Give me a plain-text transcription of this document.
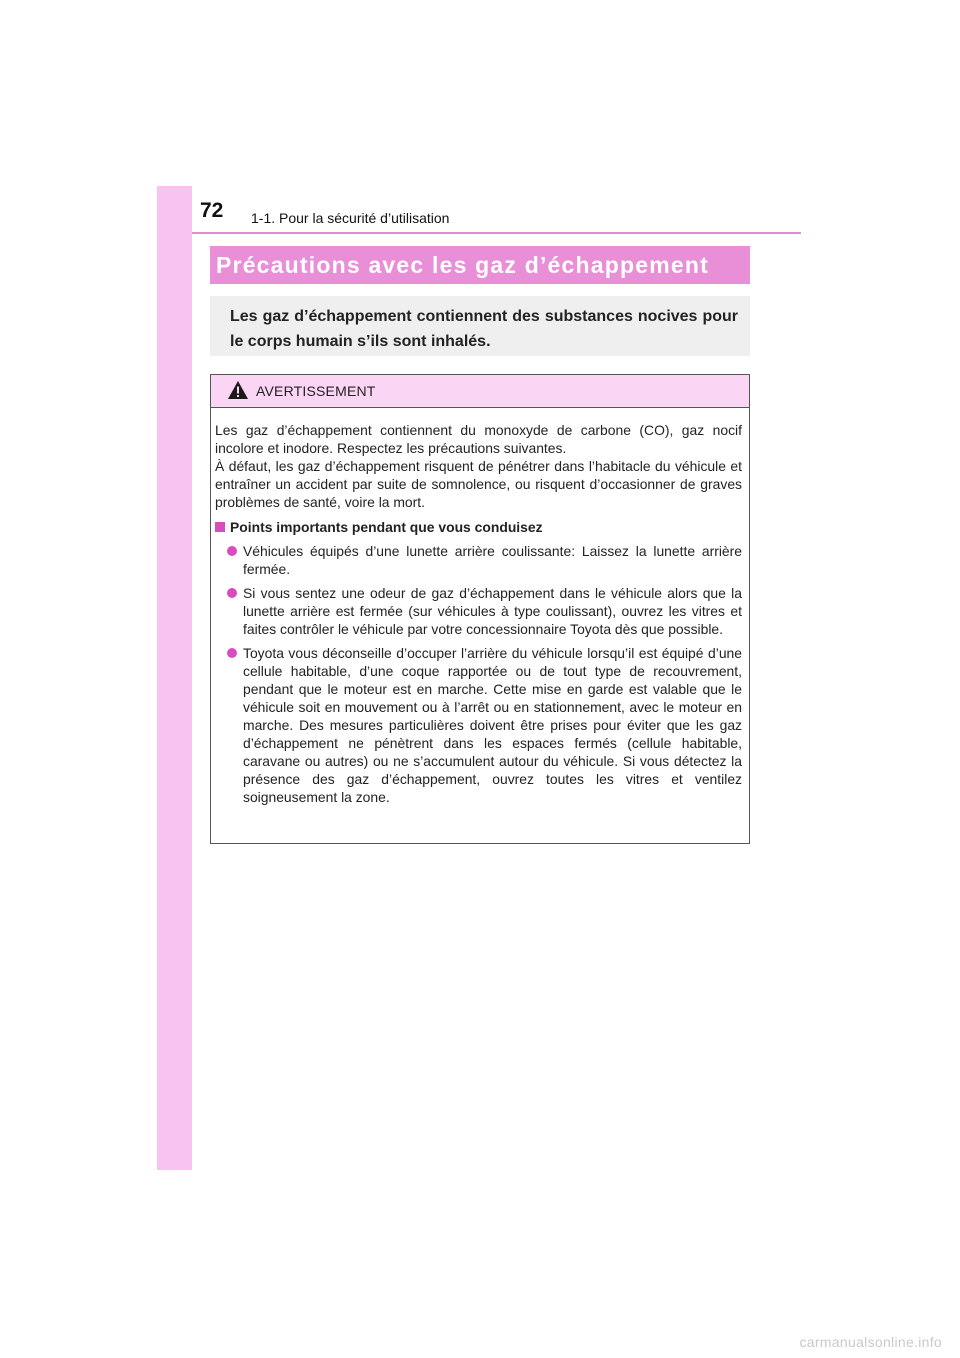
72 1-1. Pour la sécurité d’utilisation
Précautions avec les gaz d’échappement
Les gaz d’échappement contiennent des substances nocives pour le corps humain s’ils sont inhalés.
AVERTISSEMENT

Les gaz d’échappement contiennent du monoxyde de carbone (CO), gaz nocif incolore et inodore. Respectez les précautions suivantes.

À défaut, les gaz d’échappement risquent de pénétrer dans l’habitacle du véhicule et entraîner un accident par suite de somnolence, ou risquent d’occasionner de graves problèmes de santé, voire la mort.

Points importants pendant que vous conduisez
Véhicules équipés d’une lunette arrière coulissante: Laissez la lunette arrière fermée.
Si vous sentez une odeur de gaz d’échappement dans le véhicule alors que la lunette arrière est fermée (sur véhicules à type coulissant), ouvrez les vitres et faites contrôler le véhicule par votre concessionnaire Toyota dès que possible.
Toyota vous déconseille d’occuper l’arrière du véhicule lorsqu’il est équipé d’une cellule habitable, d’une coque rapportée ou de tout type de recouvrement, pendant que le moteur est en marche. Cette mise en garde est valable que le véhicule soit en mouvement ou à l’arrêt ou en stationnement, avec le moteur en marche. Des mesures particulières doivent être prises pour éviter que les gaz d’échappement ne pénètrent dans les espaces fermés (cellule habitable, caravane ou autres) ou ne s’accumulent autour du véhicule. Si vous détectez la présence des gaz d’échappement, ouvrez toutes les vitres et ventilez soigneusement la zone.
carmanualsonline.info
